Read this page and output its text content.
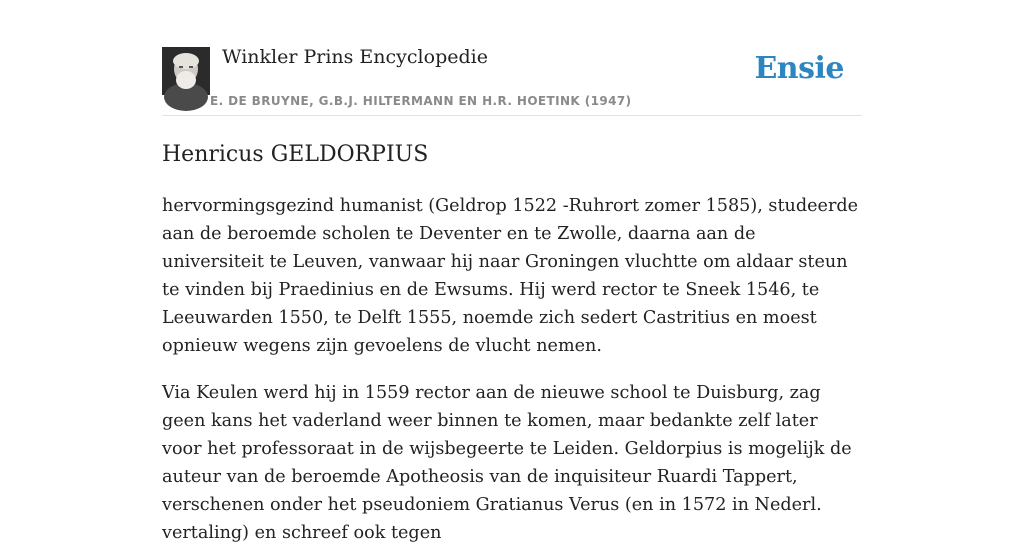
Winkler Prins Encyclopedie
E. DE BRUYNE, G.B.J. HILTERMANN EN H.R. HOETINK (1947)
Ensie
Henricus GELDORPIUS

hervormingsgezind humanist (Geldrop 1522 -Ruhrort zomer 1585), studeerde aan de beroemde scholen te Deventer en te Zwolle, daarna aan de universiteit te Leuven, vanwaar hij naar Groningen vluchtte om aldaar steun te vinden bij Praedinius en de Ewsums. Hij werd rector te Sneek 1546, te Leeuwarden 1550, te Delft 1555, noemde zich sedert Castritius en moest opnieuw wegens zijn gevoelens de vlucht nemen.

Via Keulen werd hij in 1559 rector aan de nieuwe school te Duisburg, zag geen kans het vaderland weer binnen te komen, maar bedankte zelf later voor het professoraat in de wijsbegeerte te Leiden. Geldorpius is mogelijk de auteur van de beroemde Apotheosis van de inquisiteur Ruardi Tappert, verschenen onder het pseudoniem Gratianus Verus (en in 1572 in Nederl. vertaling) en schreef ook tegen
